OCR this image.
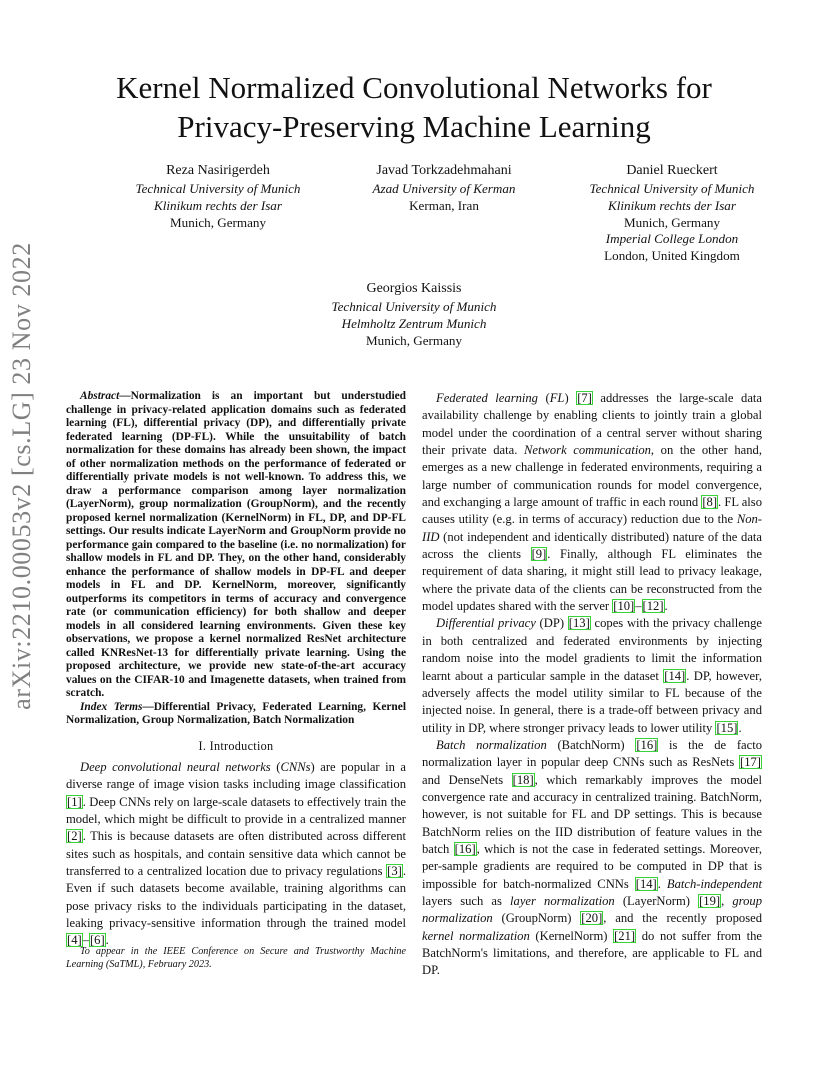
arXiv:2210.00053v2 [cs.LG] 23 Nov 2022
Kernel Normalized Convolutional Networks for
Privacy-Preserving Machine Learning
Reza Nasirigerdeh
Technical University of Munich
Klinikum rechts der Isar
Munich, Germany
Javad Torkzadehmahani
Azad University of Kerman
Kerman, Iran
Daniel Rueckert
Technical University of Munich
Klinikum rechts der Isar
Munich, Germany
Imperial College London
London, United Kingdom
Georgios Kaissis
Technical University of Munich
Helmholtz Zentrum Munich
Munich, Germany

Abstract—Normalization is an important but understudied challenge in privacy-related application domains such as federated learning (FL), differential privacy (DP), and differentially private federated learning (DP-FL). While the unsuitability of batch normalization for these domains has already been shown, the impact of other normalization methods on the performance of federated or differentially private models is not well-known. To address this, we draw a performance comparison among layer normalization (LayerNorm), group normalization (GroupNorm), and the recently proposed kernel normalization (KernelNorm) in FL, DP, and DP-FL settings. Our results indicate LayerNorm and GroupNorm provide no performance gain compared to the baseline (i.e. no normalization) for shallow models in FL and DP. They, on the other hand, considerably enhance the performance of shallow models in DP-FL and deeper models in FL and DP. KernelNorm, moreover, significantly outperforms its competitors in terms of accuracy and convergence rate (or communication efficiency) for both shallow and deeper models in all considered learning environments. Given these key observations, we propose a kernel normalized ResNet architecture called KNResNet-13 for differentially private learning. Using the proposed architecture, we provide new state-of-the-art accuracy values on the CIFAR-10 and Imagenette datasets, when trained from scratch.

Index Terms—Differential Privacy, Federated Learning, Kernel Normalization, Group Normalization, Batch Normalization

I. Introduction

Deep convolutional neural networks (CNNs) are popular in a diverse range of image vision tasks including image classification [1]. Deep CNNs rely on large-scale datasets to effectively train the model, which might be difficult to provide in a centralized manner [2]. This is because datasets are often distributed across different sites such as hospitals, and contain sensitive data which cannot be transferred to a centralized location due to privacy regulations [3]. Even if such datasets become available, training algorithms can pose privacy risks to the individuals participating in the dataset, leaking privacy-sensitive information through the trained model [4]–[6].

To appear in the IEEE Conference on Secure and Trustworthy Machine Learning (SaTML), February 2023.

Federated learning (FL) [7] addresses the large-scale data availability challenge by enabling clients to jointly train a global model under the coordination of a central server without sharing their private data. Network communication, on the other hand, emerges as a new challenge in federated environments, requiring a large number of communication rounds for model convergence, and exchanging a large amount of traffic in each round [8]. FL also causes utility (e.g. in terms of accuracy) reduction due to the Non-IID (not independent and identically distributed) nature of the data across the clients [9]. Finally, although FL eliminates the requirement of data sharing, it might still lead to privacy leakage, where the private data of the clients can be reconstructed from the model updates shared with the server [10]–[12].

Differential privacy (DP) [13] copes with the privacy challenge in both centralized and federated environments by injecting random noise into the model gradients to limit the information learnt about a particular sample in the dataset [14]. DP, however, adversely affects the model utility similar to FL because of the injected noise. In general, there is a trade-off between privacy and utility in DP, where stronger privacy leads to lower utility [15].

Batch normalization (BatchNorm) [16] is the de facto normalization layer in popular deep CNNs such as ResNets [17] and DenseNets [18], which remarkably improves the model convergence rate and accuracy in centralized training. BatchNorm, however, is not suitable for FL and DP settings. This is because BatchNorm relies on the IID distribution of feature values in the batch [16], which is not the case in federated settings. Moreover, per-sample gradients are required to be computed in DP that is impossible for batch-normalized CNNs [14]. Batch-independent layers such as layer normalization (LayerNorm) [19], group normalization (GroupNorm) [20], and the recently proposed kernel normalization (KernelNorm) [21] do not suffer from the BatchNorm's limitations, and therefore, are applicable to FL and DP.
